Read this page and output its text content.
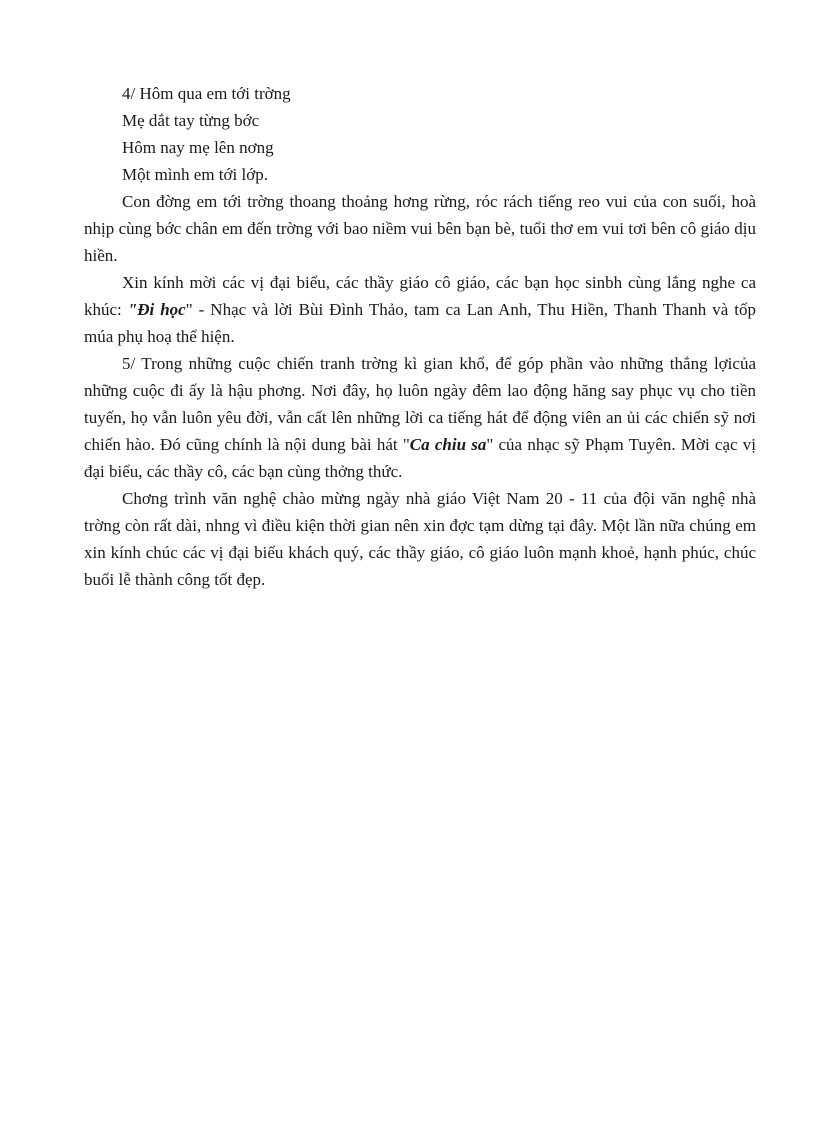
4/ Hôm qua em tới trờng
Mẹ dắt tay từng bớc
Hôm nay mẹ lên nơng
Một mình em tới lớp.

Con đờng em tới trờng thoang thoảng hơng rừng, róc rách tiếng reo vui của con suối, hoà nhịp cùng bớc chân em đến trờng với bao niềm vui bên bạn bè, tuổi thơ em vui tơi bên cô giáo dịu hiền.

Xin kính mời các vị đại biểu, các thầy giáo cô giáo, các bạn học sinbh cùng lắng nghe ca khúc: "Đi học" - Nhạc và lời Bùi Đình Thảo, tam ca Lan Anh, Thu Hiền, Thanh Thanh và tốp múa phụ hoạ thể hiện.

5/ Trong những cuộc chiến tranh trờng kì gian khổ, để góp phần vào những thắng lợicủa những cuộc đi ấy là hậu phơng. Nơi đây, họ luôn ngày đêm lao động hăng say phục vụ cho tiền tuyến, họ vẫn luôn yêu đời, vẫn cất lên những lời ca tiếng hát để động viên an ủi các chiến sỹ nơi chiến hào. Đó cũng chính là nội dung bài hát "Ca chiu sa" của nhạc sỹ Phạm Tuyên. Mời cạc vị đại biểu, các thầy cô, các bạn cùng thởng thức.

Chơng trình văn nghệ chào mừng ngày nhà giáo Việt Nam 20 - 11 của đội văn nghệ nhà trờng còn rất dài, nhng vì điều kiện thời gian nên xin đợc tạm dừng tại đây. Một lần nữa chúng em xin kính chúc các vị đại biểu khách quý, các thầy giáo, cô giáo luôn mạnh khoẻ, hạnh phúc, chúc buổi lễ thành công tốt đẹp.
